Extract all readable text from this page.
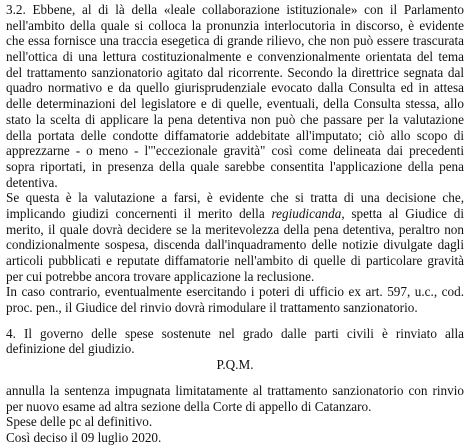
3.2. Ebbene, al di là della «leale collaborazione istituzionale» con il Parlamento
nell'ambito della quale si colloca la pronunzia interlocutoria in discorso, è evidente
che essa fornisce una traccia esegetica di grande rilievo, che non può essere trascurata
nell'ottica di una lettura costituzionalmente e convenzionalmente orientata del tema
del trattamento sanzionatorio agitato dal ricorrente. Secondo la direttrice segnata dal
quadro normativo e da quello giurisprudenziale evocato dalla Consulta ed in attesa
delle determinazioni del legislatore e di quelle, eventuali, della Consulta stessa, allo
stato la scelta di applicare la pena detentiva non può che passare per la valutazione
della portata delle condotte diffamatorie addebitate all'imputato; ciò allo scopo di
apprezzarne - o meno - l'"eccezionale gravità" così come delineata dai precedenti
sopra riportati, in presenza della quale sarebbe consentita l'applicazione della pena
detentiva.
Se questa è la valutazione a farsi, è evidente che si tratta di una decisione che,
implicando giudizi concernenti il merito della regiudicanda, spetta al Giudice di
merito, il quale dovrà decidere se la meritevolezza della pena detentiva, peraltro non
condizionalmente sospesa, discenda dall'inquadramento delle notizie divulgate dagli
articoli pubblicati e reputate diffamatorie nell'ambito di quelle di particolare gravità
per cui potrebbe ancora trovare applicazione la reclusione.
In caso contrario, eventualmente esercitando i poteri di ufficio ex art. 597, u.c., cod.
proc. pen., il Giudice del rinvio dovrà rimodulare il trattamento sanzionatorio.
4. Il governo delle spese sostenute nel grado dalle parti civili è rinviato alla
definizione del giudizio.
P.Q.M.
annulla la sentenza impugnata limitatamente al trattamento sanzionatorio con rinvio
per nuovo esame ad altra sezione della Corte di appello di Catanzaro.
Spese delle pc al definitivo.
Così deciso il 09 luglio 2020.
